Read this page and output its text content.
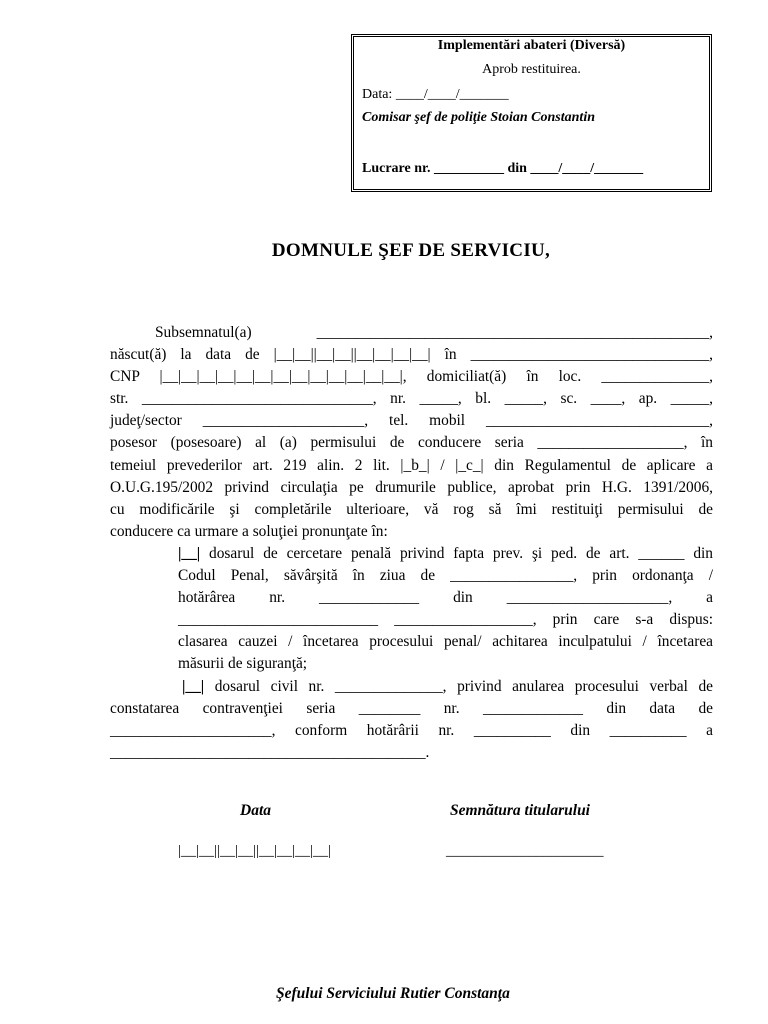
Implementări abateri (Diversă)
Aprob restituirea.
Data: ____/____/_______
Comisar şef de poliţie Stoian Constantin
Lucrare nr. __________ din ____/____/_______
DOMNULE ŞEF DE SERVICIU,
Subsemnatul(a) ___________________________________________________,
născut(ă) la data de |__|__||__|__||__|__|__|__| în _______________________________,
CNP |__|__|__|__|__|__|__|__|__|__|__|__|__|, domiciliat(ă) în loc. ______________,
str. ______________________________, nr. _____, bl. _____, sc. ____, ap. _____,
judeţ/sector _____________________, tel. mobil _____________________________,
posesor (posesoare) al (a) permisului de conducere seria ___________________, în
temeiul prevederilor art. 219 alin. 2 lit. |_b_| / |_c_| din Regulamentul de aplicare a
O.U.G.195/2002 privind circulaţia pe drumurile publice, aprobat prin H.G. 1391/2006,
cu modificările şi completările ulterioare, vă rog să îmi restituiţi permisului de
conducere ca urmare a soluţiei pronunţate în:
|__| dosarul de cercetare penală privind fapta prev. şi ped. de art. ______ din
Codul Penal, săvârşită în ziua de ________________, prin ordonanţa /
hotărârea nr. _____________ din _____________________, a
__________________________ __________________, prin care s-a dispus:
clasarea cauzei / încetarea procesului penal/ achitarea inculpatului / încetarea
măsurii de siguranţă;
|__| dosarul civil nr. ______________, privind anularea procesului verbal de
constatarea contravenţiei seria ________ nr. _____________ din data de
_____________________, conform hotărârii nr. __________ din __________ a
_________________________________________.
Data	Semnătura titularului
|__|__||__|__||__|__|__|__|	_____________________
Şefului Serviciului Rutier Constanţa
